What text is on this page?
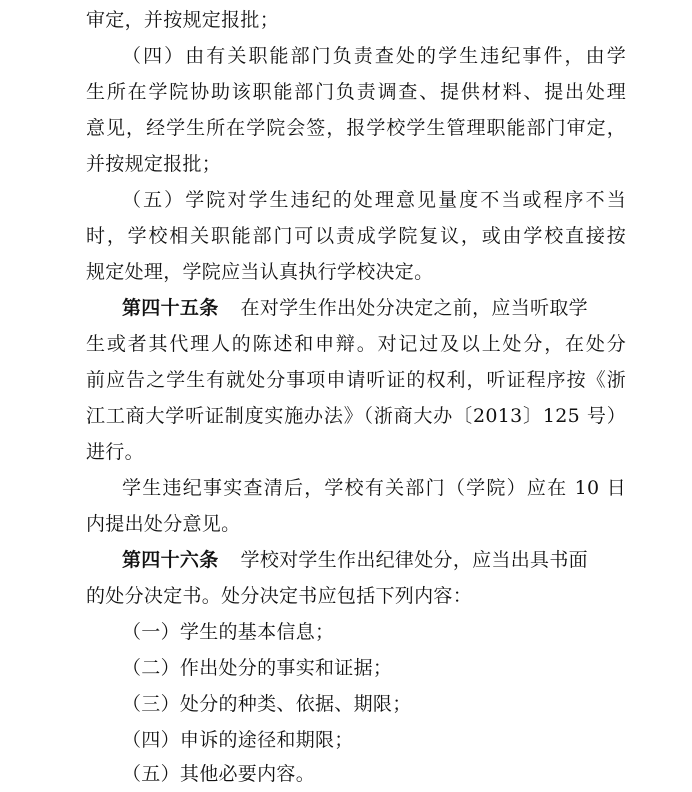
审定，并按规定报批；
（四）由有关职能部门负责查处的学生违纪事件，由学
生所在学院协助该职能部门负责调查、提供材料、提出处理
意见，经学生所在学院会签，报学校学生管理职能部门审定，
并按规定报批；
（五）学院对学生违纪的处理意见量度不当或程序不当
时，学校相关职能部门可以责成学院复议，或由学校直接按
规定处理，学院应当认真执行学校决定。
第四十五条 在对学生作出处分决定之前，应当听取学
生或者其代理人的陈述和申辩。对记过及以上处分，在处分
前应告之学生有就处分事项申请听证的权利，听证程序按《浙
江工商大学听证制度实施办法》（浙商大办〔2013〕125 号）
进行。
学生违纪事实查清后，学校有关部门（学院）应在 10 日
内提出处分意见。
第四十六条 学校对学生作出纪律处分，应当出具书面
的处分决定书。处分决定书应包括下列内容：
（一）学生的基本信息；
（二）作出处分的事实和证据；
（三）处分的种类、依据、期限；
（四）申诉的途径和期限；
（五）其他必要内容。
